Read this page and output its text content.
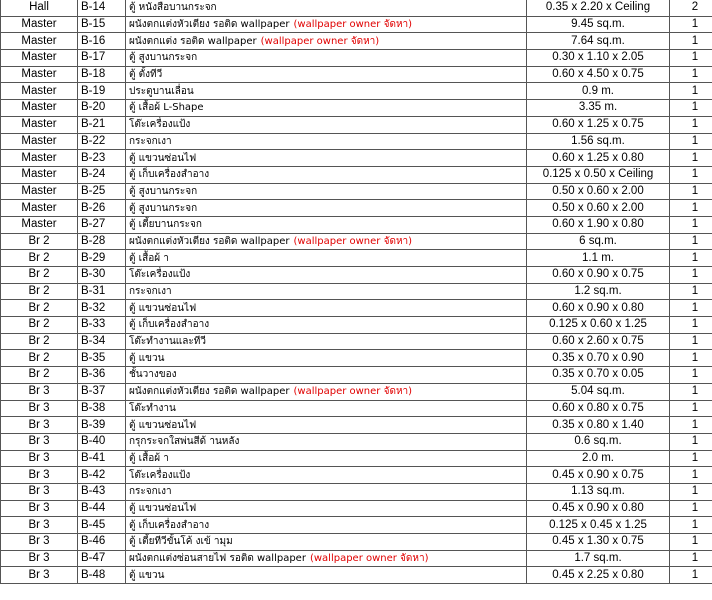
Hall	B-14	ตู้ หนังสือบานกระจก	0.35 x 2.20 x Ceiling	2
Master	B-15	ผนังตกแต่งหัวเตียง รอติด wallpaper (wallpaper owner จัดหา)	9.45 sq.m.	1
Master	B-16	ผนังตกแต่ง รอติด wallpaper (wallpaper owner จัดหา)	7.64 sq.m.	1
Master	B-17	ตู้ สูงบานกระจก	0.30 x 1.10 x 2.05	1
Master	B-18	ตู้ ตั้งทีวี	0.60 x 4.50 x 0.75	1
Master	B-19	ประตูบานเลื่อน	0.9 m.	1
Master	B-20	ตู้ เสื้อผ้ L-Shape	3.35 m.	1
Master	B-21	โต๊ะเครื่องแป้ง	0.60 x 1.25 x 0.75	1
Master	B-22	กระจกเงา	1.56 sq.m.	1
Master	B-23	ตู้ แขวนซ่อนไฟ	0.60 x 1.25 x 0.80	1
Master	B-24	ตู้ เก็บเครื่องสำอาง	0.125 x 0.50 x Ceiling	1
Master	B-25	ตู้ สูงบานกระจก	0.50 x 0.60 x 2.00	1
Master	B-26	ตู้ สูงบานกระจก	0.50 x 0.60 x 2.00	1
Master	B-27	ตู้ เตี้ยบานกระจก	0.60 x 1.90 x 0.80	1
Br 2	B-28	ผนังตกแต่งหัวเตียง รอติด wallpaper (wallpaper owner จัดหา)	6 sq.m.	1
Br 2	B-29	ตู้ เสื้อผ้ า	1.1 m.	1
Br 2	B-30	โต๊ะเครื่องแป้ง	0.60 x 0.90 x 0.75	1
Br 2	B-31	กระจกเงา	1.2 sq.m.	1
Br 2	B-32	ตู้ แขวนซ่อนไฟ	0.60 x 0.90 x 0.80	1
Br 2	B-33	ตู้ เก็บเครื่องสำอาง	0.125 x 0.60 x 1.25	1
Br 2	B-34	โต๊ะทำงานและทีวี	0.60 x 2.60 x 0.75	1
Br 2	B-35	ตู้ แขวน	0.35 x 0.70 x 0.90	1
Br 2	B-36	ชั้นวางของ	0.35 x 0.70 x 0.05	1
Br 3	B-37	ผนังตกแต่งหัวเตียง รอติด wallpaper (wallpaper owner จัดหา)	5.04 sq.m.	1
Br 3	B-38	โต๊ะทำงาน	0.60 x 0.80 x 0.75	1
Br 3	B-39	ตู้ แขวนซ่อนไฟ	0.35 x 0.80 x 1.40	1
Br 3	B-40	กรุกระจกใสพ่นสีด้ านหลัง	0.6 sq.m.	1
Br 3	B-41	ตู้ เสื้อผ้ า	2.0 m.	1
Br 3	B-42	โต๊ะเครื่องแป้ง	0.45 x 0.90 x 0.75	1
Br 3	B-43	กระจกเงา	1.13 sq.m.	1
Br 3	B-44	ตู้ แขวนซ่อนไฟ	0.45 x 0.90 x 0.80	1
Br 3	B-45	ตู้ เก็บเครื่องสำอาง	0.125 x 0.45 x 1.25	1
Br 3	B-46	ตู้ เตี้ยทีวีขั้นโค้ งเข้ ามุม	0.45 x 1.30 x 0.75	1
Br 3	B-47	ผนังตกแต่งซ่อนสายไฟ รอติด wallpaper (wallpaper owner จัดหา)	1.7 sq.m.	1
Br 3	B-48	ตู้ แขวน	0.45 x 2.25 x 0.80	1
